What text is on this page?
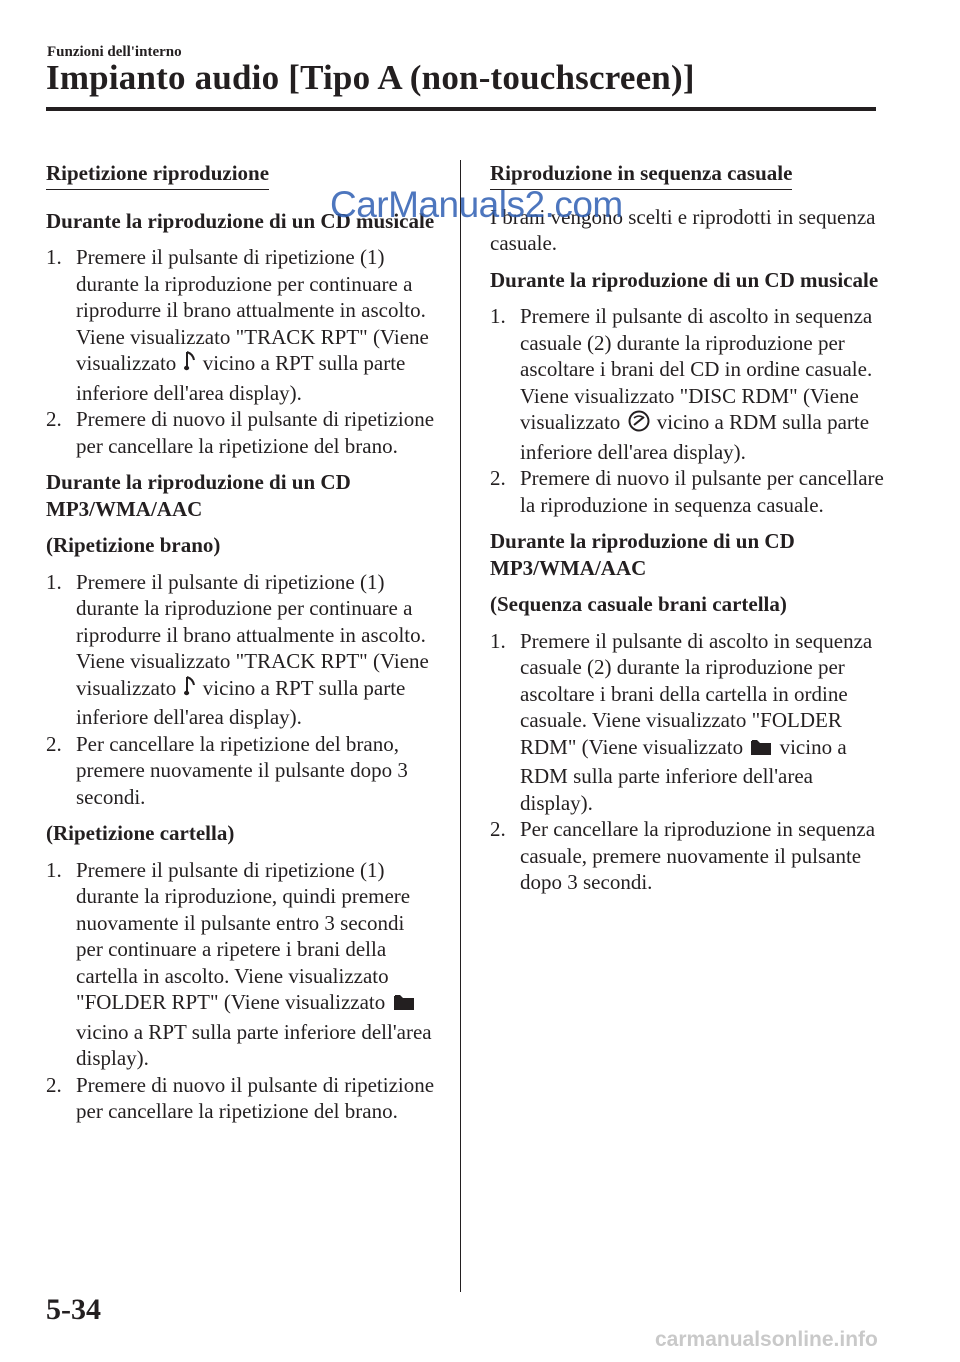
Funzioni dell'interno
Impianto audio [Tipo A (non-touchscreen)]
Ripetizione riproduzione
Durante la riproduzione di un CD musicale
1. Premere il pulsante di ripetizione (1) durante la riproduzione per continuare a riprodurre il brano attualmente in ascolto. Viene visualizzato "TRACK RPT" (Viene visualizzato vicino a RPT sulla parte inferiore dell'area display).
2. Premere di nuovo il pulsante di ripetizione per cancellare la ripetizione del brano.
Durante la riproduzione di un CD MP3/WMA/AAC
(Ripetizione brano)
1. Premere il pulsante di ripetizione (1) durante la riproduzione per continuare a riprodurre il brano attualmente in ascolto. Viene visualizzato "TRACK RPT" (Viene visualizzato vicino a RPT sulla parte inferiore dell'area display).
2. Per cancellare la ripetizione del brano, premere nuovamente il pulsante dopo 3 secondi.
(Ripetizione cartella)
1. Premere il pulsante di ripetizione (1) durante la riproduzione, quindi premere nuovamente il pulsante entro 3 secondi per continuare a ripetere i brani della cartella in ascolto. Viene visualizzato "FOLDER RPT" (Viene visualizzato  vicino a RPT sulla parte inferiore dell'area display).
2. Premere di nuovo il pulsante di ripetizione per cancellare la ripetizione del brano.
Riproduzione in sequenza casuale
I brani vengono scelti e riprodotti in sequenza casuale.
Durante la riproduzione di un CD musicale
1. Premere il pulsante di ascolto in sequenza casuale (2) durante la riproduzione per ascoltare i brani del CD in ordine casuale. Viene visualizzato "DISC RDM" (Viene visualizzato vicino a RDM sulla parte inferiore dell'area display).
2. Premere di nuovo il pulsante per cancellare la riproduzione in sequenza casuale.
Durante la riproduzione di un CD MP3/WMA/AAC
(Sequenza casuale brani cartella)
1. Premere il pulsante di ascolto in sequenza casuale (2) durante la riproduzione per ascoltare i brani della cartella in ordine casuale. Viene visualizzato "FOLDER RDM" (Viene visualizzato vicino a RDM sulla parte inferiore dell'area display).
2. Per cancellare la riproduzione in sequenza casuale, premere nuovamente il pulsante dopo 3 secondi.
CarManuals2.com
5-34
carmanualsonline.info
